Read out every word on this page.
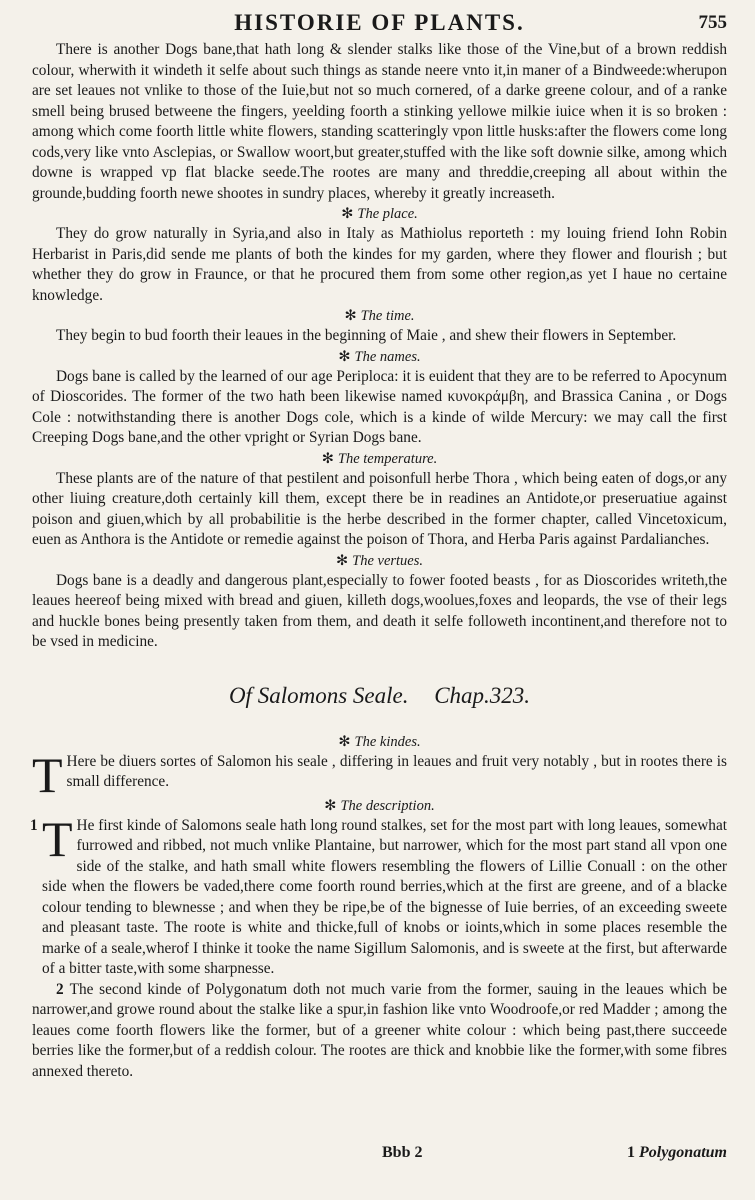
HISTORIE OF PLANTS.	755

There is another Dogs bane,that hath long & slender stalks like those of the Vine,but of a brown reddish colour, wherwith it windeth it selfe about such things as stande neere vnto it,in maner of a Bindweede:wherupon are set leaues not vnlike to those of the Iuie,but not so much cornered, of a darke greene colour, and of a ranke smell being brused betweene the fingers, yeelding foorth a stinking yellowe milkie iuice when it is so broken : among which come foorth little white flowers, standing scatteringly vpon little husks:after the flowers come long cods,very like vnto Asclepias, or Swallow woort,but greater,stuffed with the like soft downie silke, among which downe is wrapped vp flat blacke seede.The rootes are many and threddie,creeping all about within the grounde,budding foorth newe shootes in sundry places, whereby it greatly increaseth.

✻ The place.

They do grow naturally in Syria,and also in Italy as Mathiolus reporteth : my louing friend Iohn Robin Herbarist in Paris,did sende me plants of both the kindes for my garden, where they flower and flourish ; but whether they do grow in Fraunce, or that he procured them from some other region,as yet I haue no certaine knowledge.

✻ The time.

They begin to bud foorth their leaues in the beginning of Maie , and shew their flowers in September.

✻ The names.

Dogs bane is called by the learned of our age Periploca: it is euident that they are to be referred to Apocynum of Dioscorides. The former of the two hath been likewise named κυνοκράμβη, and Brassica Canina , or Dogs Cole : notwithstanding there is another Dogs cole, which is a kinde of wilde Mercury: we may call the first Creeping Dogs bane,and the other vpright or Syrian Dogs bane.

✻ The temperature.

These plants are of the nature of that pestilent and poisonfull herbe Thora , which being eaten of dogs,or any other liuing creature,doth certainly kill them, except there be in readines an Antidote,or preseruatiue against poison and giuen,which by all probabilitie is the herbe described in the former chapter, called Vincetoxicum, euen as Anthora is the Antidote or remedie against the poison of Thora, and Herba Paris against Pardalianches.

✻ The vertues.

Dogs bane is a deadly and dangerous plant,especially to fower footed beasts , for as Dioscorides writeth,the leaues heereof being mixed with bread and giuen, killeth dogs,woolues,foxes and leopards, the vse of their legs and huckle bones being presently taken from them, and death it selfe followeth incontinent,and therefore not to be vsed in medicine.

Of Salomons Seale. Chap.323.
✻ The kindes.

T Here be diuers sortes of Salomon his seale , differing in leaues and fruit very notably , but in rootes there is small difference.

✻ The description.

1 T He first kinde of Salomons seale hath long round stalkes, set for the most part with long leaues, somewhat furrowed and ribbed, not much vnlike Plantaine, but narrower, which for the most part stand all vpon one side of the stalke, and hath small white flowers resembling the flowers of Lillie Conuall : on the other side when the flowers be vaded,there come foorth round berries,which at the first are greene, and of a blacke colour tending to blewnesse ; and when they be ripe,be of the bignesse of Iuie berries, of an exceeding sweete and pleasant taste. The roote is white and thicke,full of knobs or ioints,which in some places resemble the marke of a seale,wherof I thinke it tooke the name Sigillum Salomonis, and is sweete at the first, but afterwarde of a bitter taste,with some sharpnesse.

2 The second kinde of Polygonatum doth not much varie from the former, sauing in the leaues which be narrower,and growe round about the stalke like a spur,in fashion like vnto Woodroofe,or red Madder ; among the leaues come foorth flowers like the former, but of a greener white colour : which being past,there succeede berries like the former,but of a reddish colour. The rootes are thick and knobbie like the former,with some fibres annexed thereto.

Bbb 2	1 Polygonatum
